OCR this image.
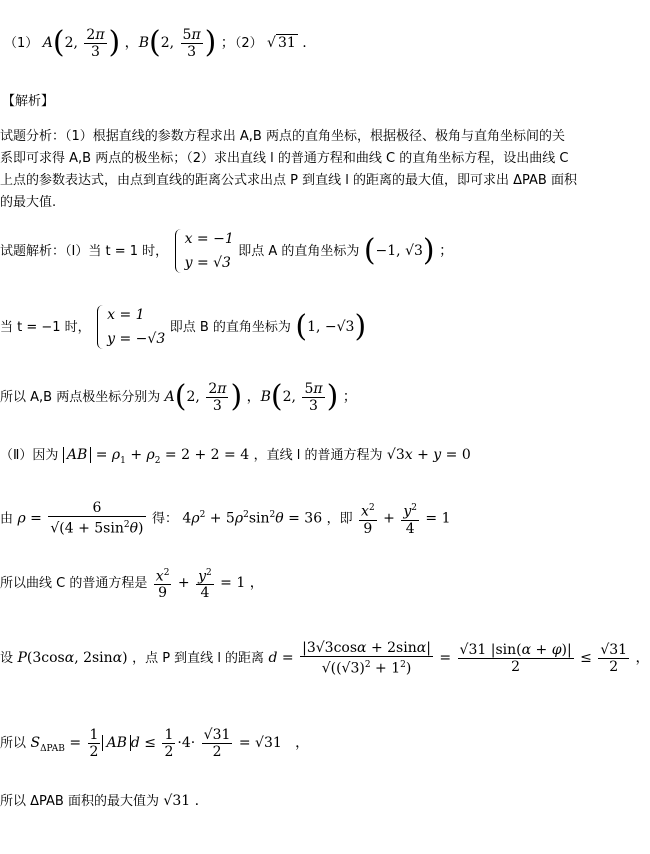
（1） A(2, $\frac{2\pi}{3}$ ) ，B(2, $\frac{5\pi}{3}$ ) ；（2） √ 31 .
【解析】
试题分析：（1）根据直线的参数方程求出 A,B 两点的直角坐标，根据极径、极角与直角坐标间的关
系即可求得 A,B 两点的极坐标；（2）求出直线 l 的普通方程和曲线 C 的直角坐标方程，设出曲线 C
上点的参数表达式，由点到直线的距离公式求出点 P 到直线 l 的距离的最大值，即可求出 ΔPAB 面积
的最大值.
试题解析：（Ⅰ）当 t = 1 时，
x = −1
y = √3
即点 A 的直角坐标为 (−1, √3) ；
当 t = −1 时，
x = 1
y = −√3
即点 B 的直角坐标为 (1, −√3)
所以 A,B 两点极坐标分别为 A(2, $\frac{2\pi}{3}$ ) ，B(2, $\frac{5\pi}{3}$ ) ；
（Ⅱ）因为 AB = $\rho_1 + \rho_2 = 2 + 2 = 4$ ，直线 l 的普通方程为 √3x + y = 0
由 $\rho = \frac{6}{√(4 + 5\sin^2\theta)}$ 得： $4\rho^2 + 5\rho^2\sin^2\theta = 36$ ，即 $\frac{x^2}{9} + \frac{y^2}{4} = 1$
所以曲线 C 的普通方程是 $\frac{x^2}{9} + \frac{y^2}{4} = 1$ ，
设 P(3cosα, 2sinα) ，点 P 到直线 l 的距离 $d = \frac{|3√3\cos\alpha + 2\sin\alpha|}{√((√3)^2 + 1^2)} = \frac{√31 |\sin(\alpha + \varphi)|}{2} \le \frac{√31}{2}$ ，
所以 $S_{\Delta PAB} = \frac{1}{2}$ AB $d \le \frac{1}{2} \cdot 4\cdot \frac{√31}{2} = √31$   ，
所以 ΔPAB 面积的最大值为 √31 .
